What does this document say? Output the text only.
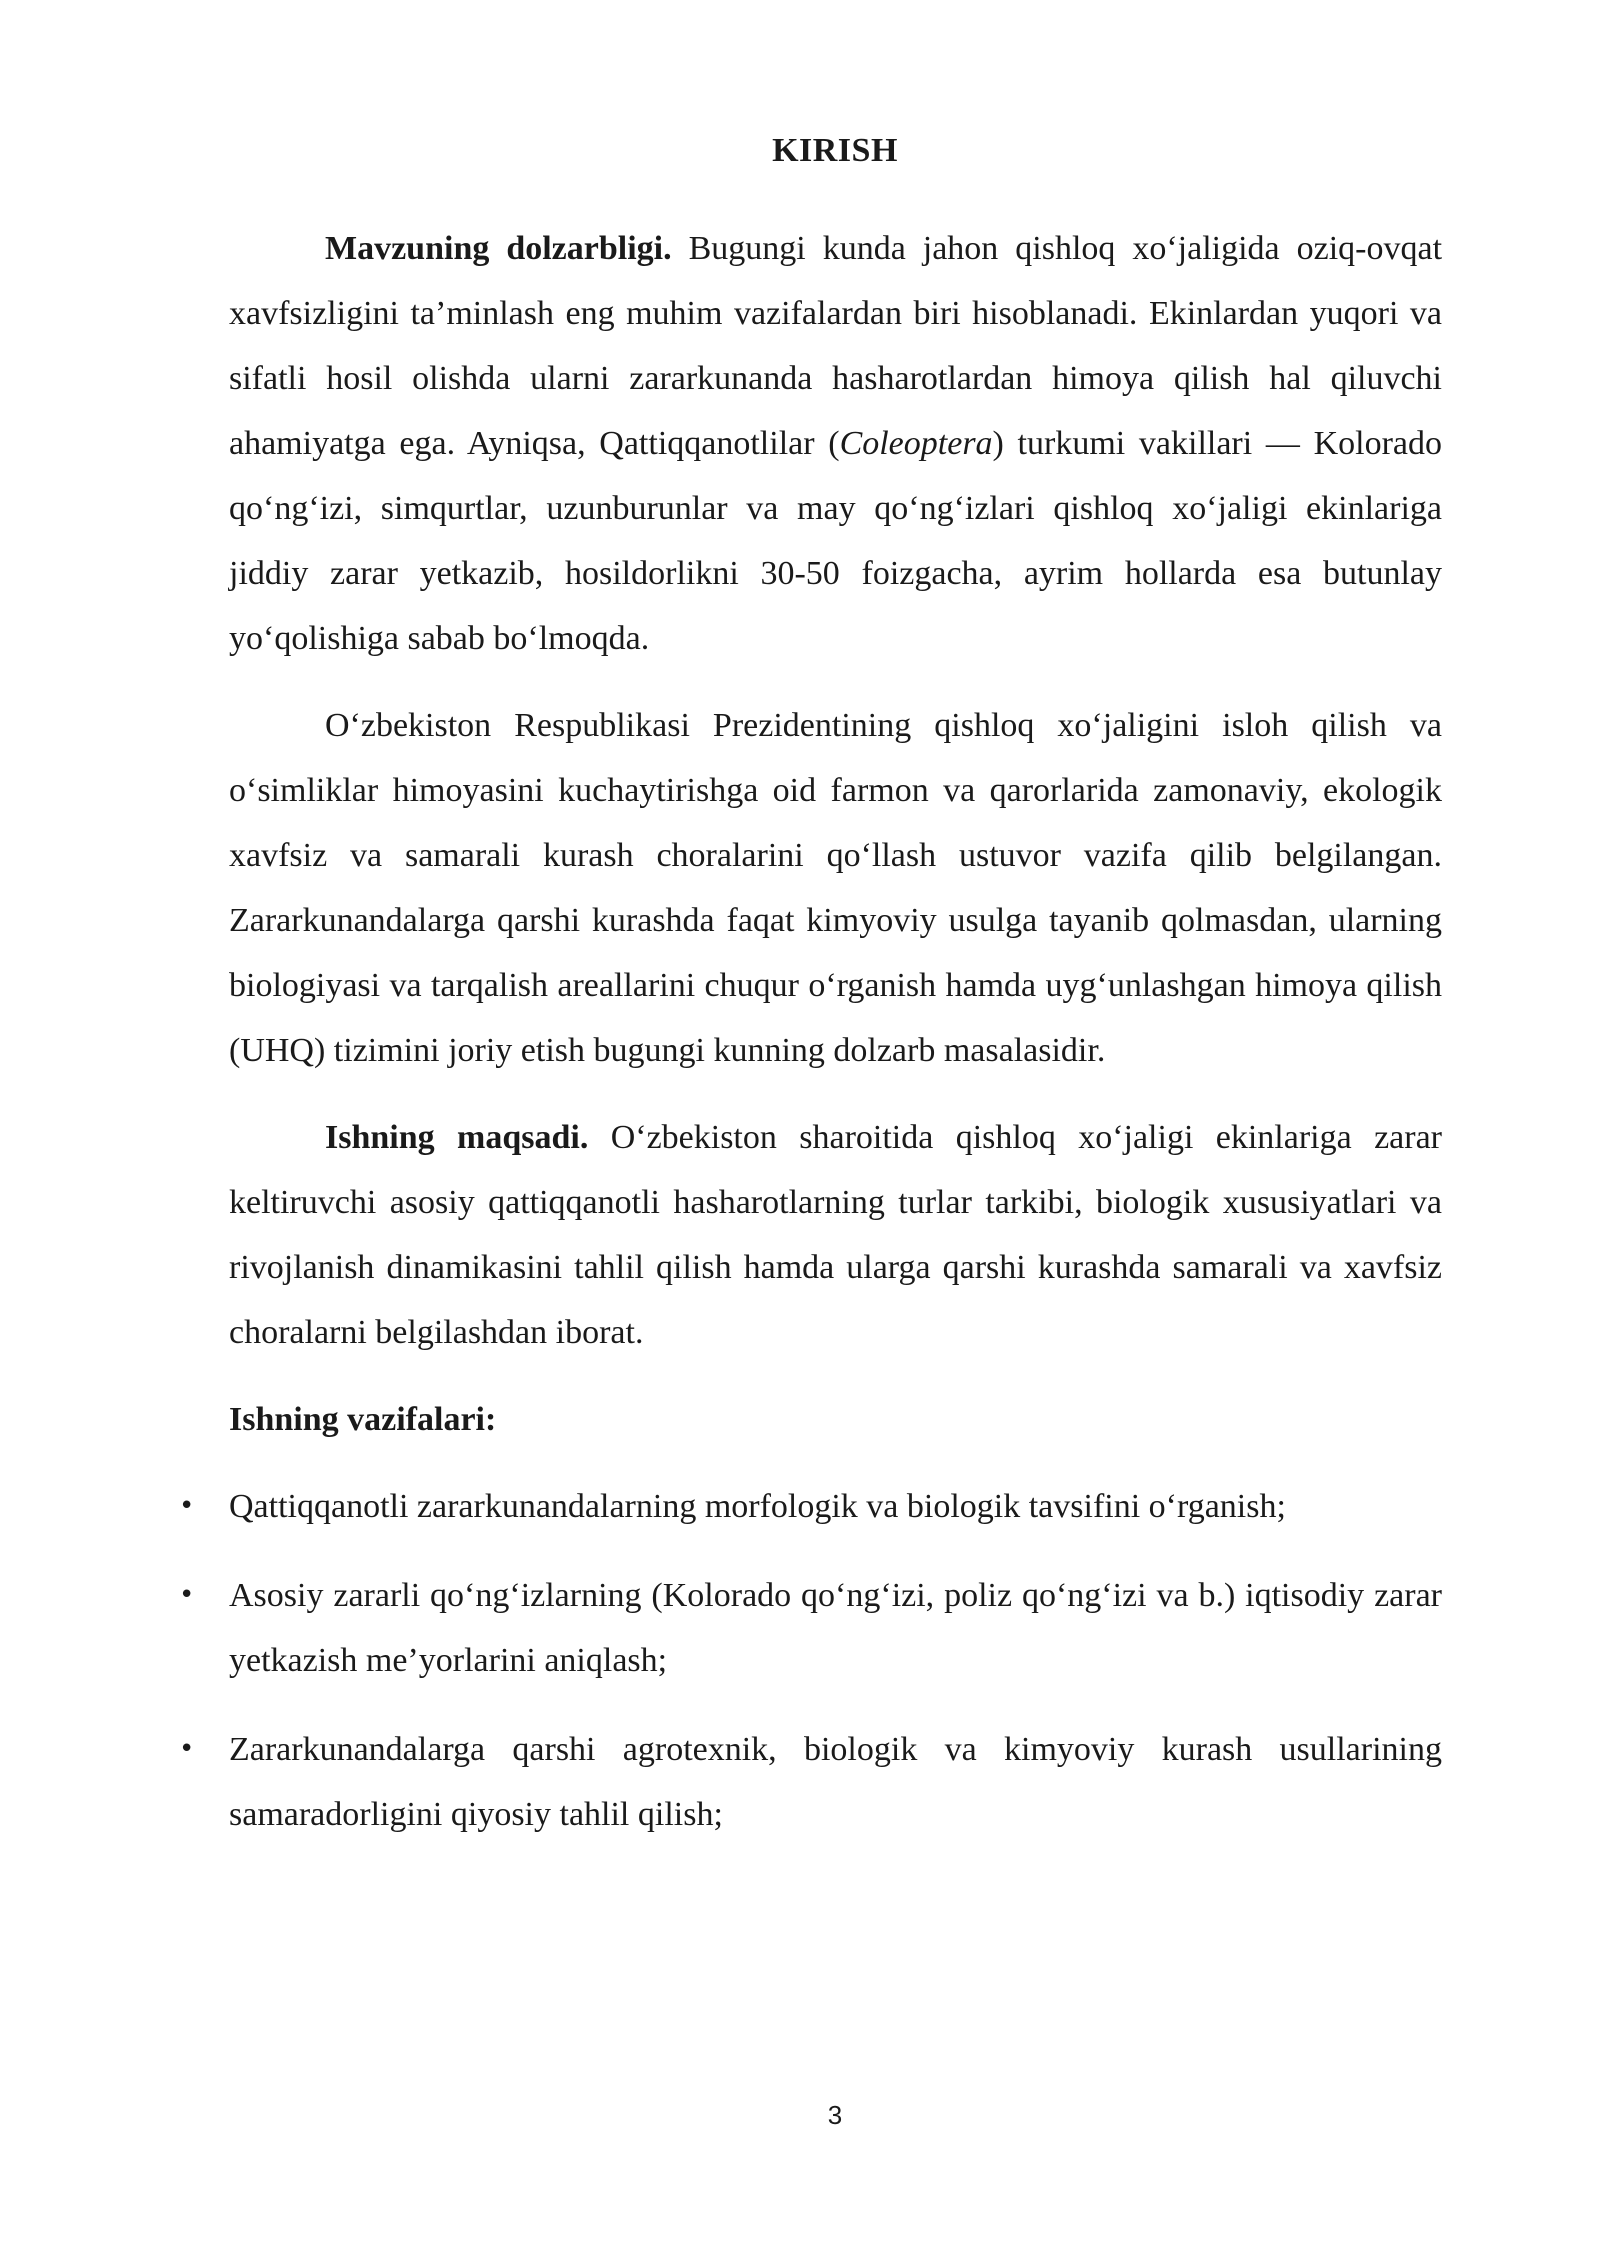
KIRISH

Mavzuning dolzarbligi. Bugungi kunda jahon qishloq xo‘jaligida oziq-ovqat xavfsizligini ta’minlash eng muhim vazifalardan biri hisoblanadi. Ekinlardan yuqori va sifatli hosil olishda ularni zararkunanda hasharotlardan himoya qilish hal qiluvchi ahamiyatga ega. Ayniqsa, Qattiqqanotlilar (Coleoptera) turkumi vakillari — Kolorado qo‘ng‘izi, simqurtlar, uzunburunlar va may qo‘ng‘izlari qishloq xo‘jaligi ekinlariga jiddiy zarar yetkazib, hosildorlikni 30-50 foizgacha, ayrim hollarda esa butunlay yo‘qolishiga sabab bo‘lmoqda.

O‘zbekiston Respublikasi Prezidentining qishloq xo‘jaligini isloh qilish va o‘simliklar himoyasini kuchaytirishga oid farmon va qarorlarida zamonaviy, ekologik xavfsiz va samarali kurash choralarini qo‘llash ustuvor vazifa qilib belgilangan. Zararkunandalarga qarshi kurashda faqat kimyoviy usulga tayanib qolmasdan, ularning biologiyasi va tarqalish areallarini chuqur o‘rganish hamda uyg‘unlashgan himoya qilish (UHQ) tizimini joriy etish bugungi kunning dolzarb masalasidir.

Ishning maqsadi. O‘zbekiston sharoitida qishloq xo‘jaligi ekinlariga zarar keltiruvchi asosiy qattiqqanotli hasharotlarning turlar tarkibi, biologik xususiyatlari va rivojlanish dinamikasini tahlil qilish hamda ularga qarshi kurashda samarali va xavfsiz choralarni belgilashdan iborat.

Ishning vazifalari:
• Qattiqqanotli zararkunandalarning morfologik va biologik tavsifini o‘rganish;
• Asosiy zararli qo‘ng‘izlarning (Kolorado qo‘ng‘izi, poliz qo‘ng‘izi va b.) iqtisodiy zarar yetkazish me’yorlarini aniqlash;
• Zararkunandalarga qarshi agrotexnik, biologik va kimyoviy kurash usullarining samaradorligini qiyosiy tahlil qilish;
3
